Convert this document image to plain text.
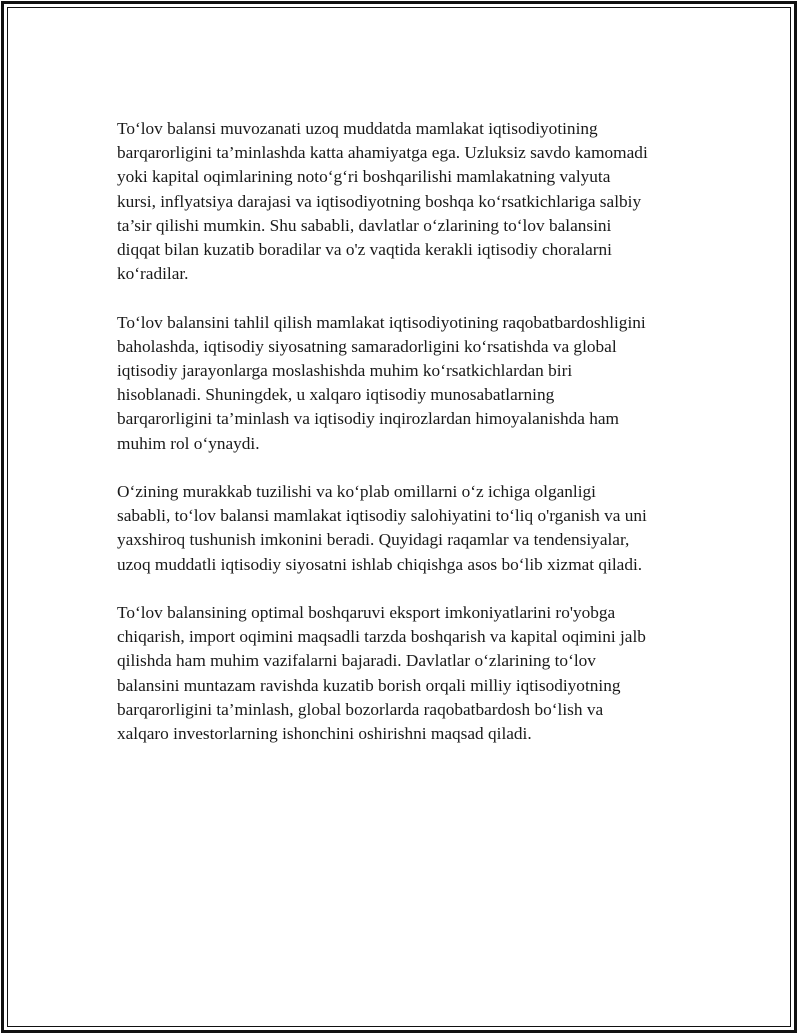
To‘lov balansi muvozanati uzoq muddatda mamlakat iqtisodiyotining
barqarorligini ta’minlashda katta ahamiyatga ega. Uzluksiz savdo kamomadi
yoki kapital oqimlarining noto‘g‘ri boshqarilishi mamlakatning valyuta
kursi, inflyatsiya darajasi va iqtisodiyotning boshqa ko‘rsatkichlariga salbiy
ta’sir qilishi mumkin. Shu sababli, davlatlar o‘zlarining to‘lov balansini
diqqat bilan kuzatib boradilar va o'z vaqtida kerakli iqtisodiy choralarni
ko‘radilar.

To‘lov balansini tahlil qilish mamlakat iqtisodiyotining raqobatbardoshligini
baholashda, iqtisodiy siyosatning samaradorligini ko‘rsatishda va global
iqtisodiy jarayonlarga moslashishda muhim ko‘rsatkichlardan biri
hisoblanadi. Shuningdek, u xalqaro iqtisodiy munosabatlarning
barqarorligini ta’minlash va iqtisodiy inqirozlardan himoyalanishda ham
muhim rol o‘ynaydi.

O‘zining murakkab tuzilishi va ko‘plab omillarni o‘z ichiga olganligi
sababli, to‘lov balansi mamlakat iqtisodiy salohiyatini to‘liq o'rganish va uni
yaxshiroq tushunish imkonini beradi. Quyidagi raqamlar va tendensiyalar,
uzoq muddatli iqtisodiy siyosatni ishlab chiqishga asos bo‘lib xizmat qiladi.

To‘lov balansining optimal boshqaruvi eksport imkoniyatlarini ro'yobga
chiqarish, import oqimini maqsadli tarzda boshqarish va kapital oqimini jalb
qilishda ham muhim vazifalarni bajaradi. Davlatlar o‘zlarining to‘lov
balansini muntazam ravishda kuzatib borish orqali milliy iqtisodiyotning
barqarorligini ta’minlash, global bozorlarda raqobatbardosh bo‘lish va
xalqaro investorlarning ishonchini oshirishni maqsad qiladi.
